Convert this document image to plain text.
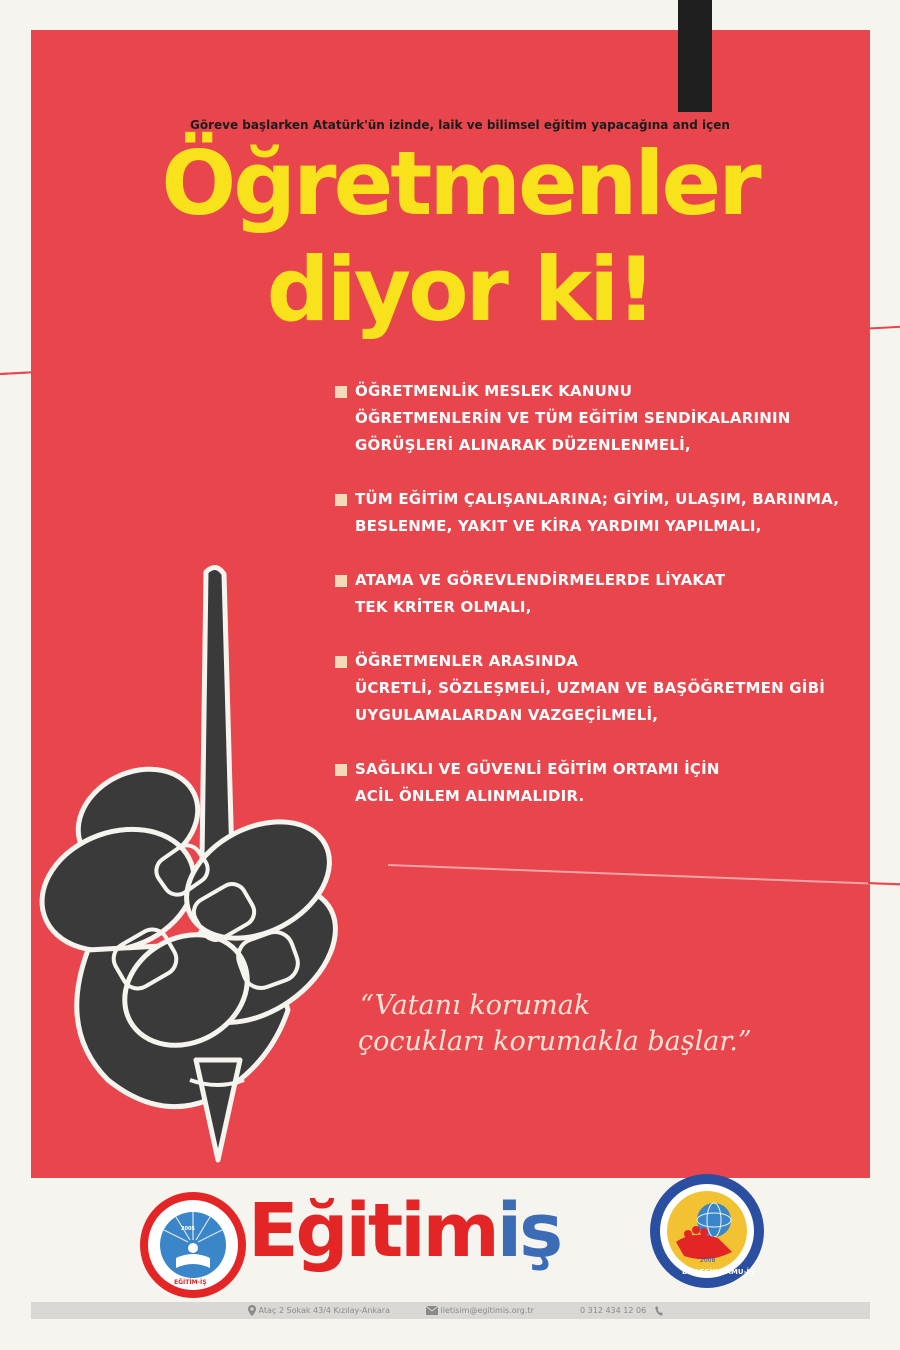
Göreve başlarken Atatürk'ün izinde, laik ve bilimsel eğitim yapacağına and içen
Öğretmenler
diyor ki!
ÖĞRETMENLİK MESLEK KANUNU
ÖĞRETMENLERİN VE TÜM EĞİTİM SENDİKALARININ
GÖRÜŞLERİ ALINARAK DÜZENLENMELİ,
TÜM EĞİTİM ÇALIŞANLARINA; GİYİM, ULAŞIM, BARINMA,
BESLENME, YAKIT VE KİRA YARDIMI YAPILMALI,
ATAMA VE GÖREVLENDİRMELERDE LİYAKAT
TEK KRİTER OLMALI,
ÖĞRETMENLER ARASINDA
ÜCRETLİ, SÖZLEŞMELİ, UZMAN VE BAŞÖĞRETMEN GİBİ
UYGULAMALARDAN VAZGEÇİLMELİ,
SAĞLIKLI VE GÜVENLİ EĞİTİM ORTAMI İÇİN
ACİL ÖNLEM ALINMALIDIR.
“Vatanı korumak
çocukları korumakla başlar.”
2005
EĞİTİM-İŞ
Eğitimiş	2008
BİRLEŞİK KAMU-İŞ
Ataç 2 Sokak 43/4 Kızılay-Ankara	iletisim@egitimis.org.tr	0 312 434 12 06
